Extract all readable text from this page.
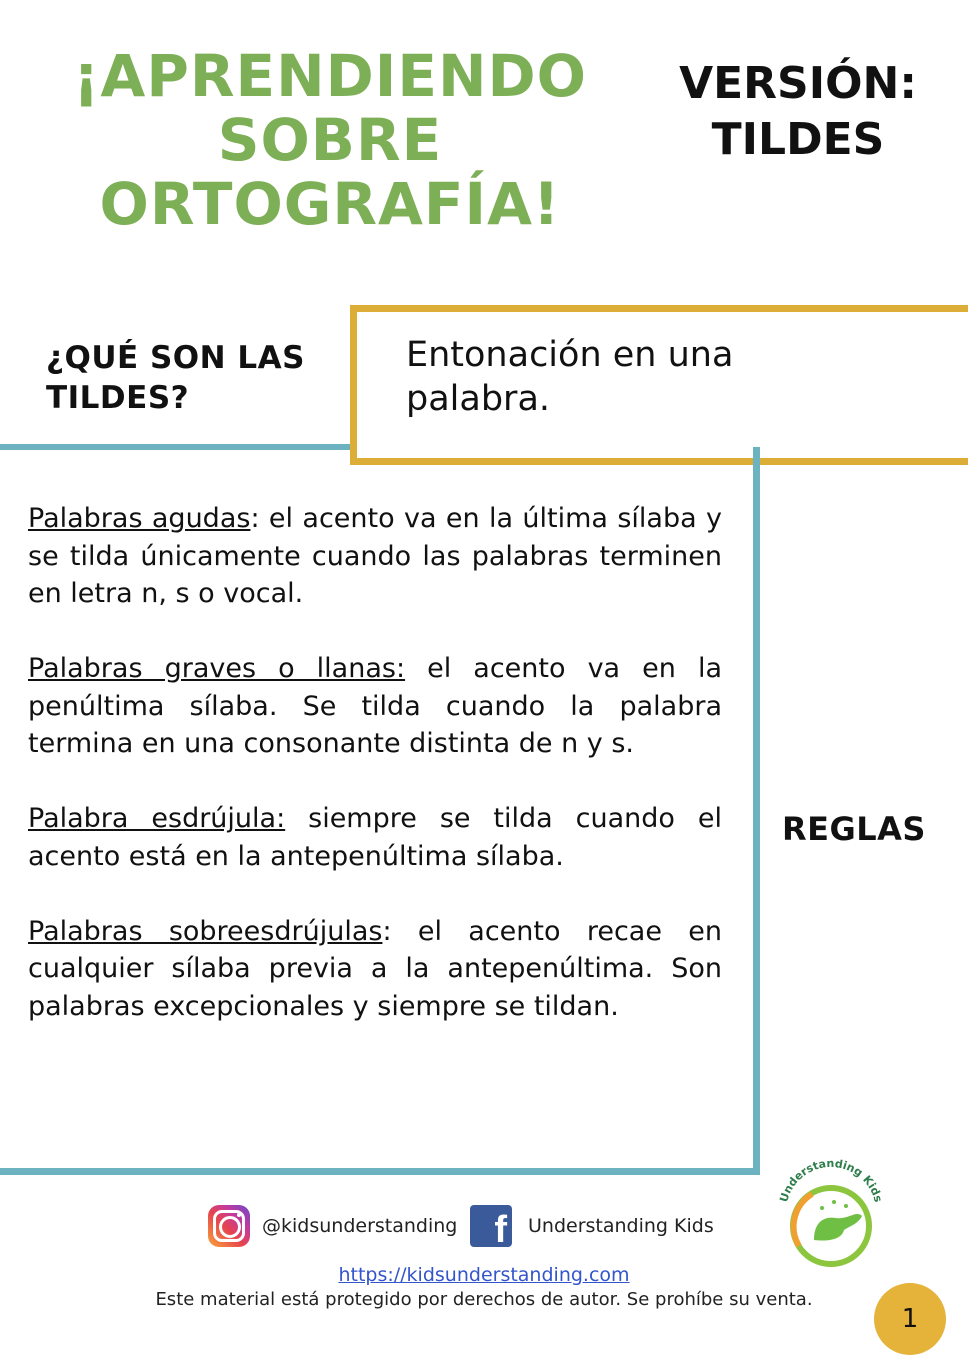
¡APRENDIENDO
SOBRE
ORTOGRAFÍA!
VERSIÓN:
TILDES
¿QUÉ SON LAS
TILDES?
Entonación en una palabra.

Palabras agudas: el acento va en la última sílaba y se tilda únicamente cuando las palabras terminen en letra n, s o vocal.

Palabras graves o llanas: el acento va en la penúltima sílaba. Se tilda cuando la palabra termina en una consonante distinta de n y s.

Palabra esdrújula: siempre se tilda cuando el acento está en la antepenúltima sílaba.

Palabras sobreesdrújulas: el acento recae en cualquier sílaba previa a la antepenúltima. Son palabras excepcionales y siempre se tildan.

REGLAS
@kidsunderstanding f Understanding Kids
Understanding Kids
https://kidsunderstanding.com
Este material está protegido por derechos de autor. Se prohíbe su venta.
1
